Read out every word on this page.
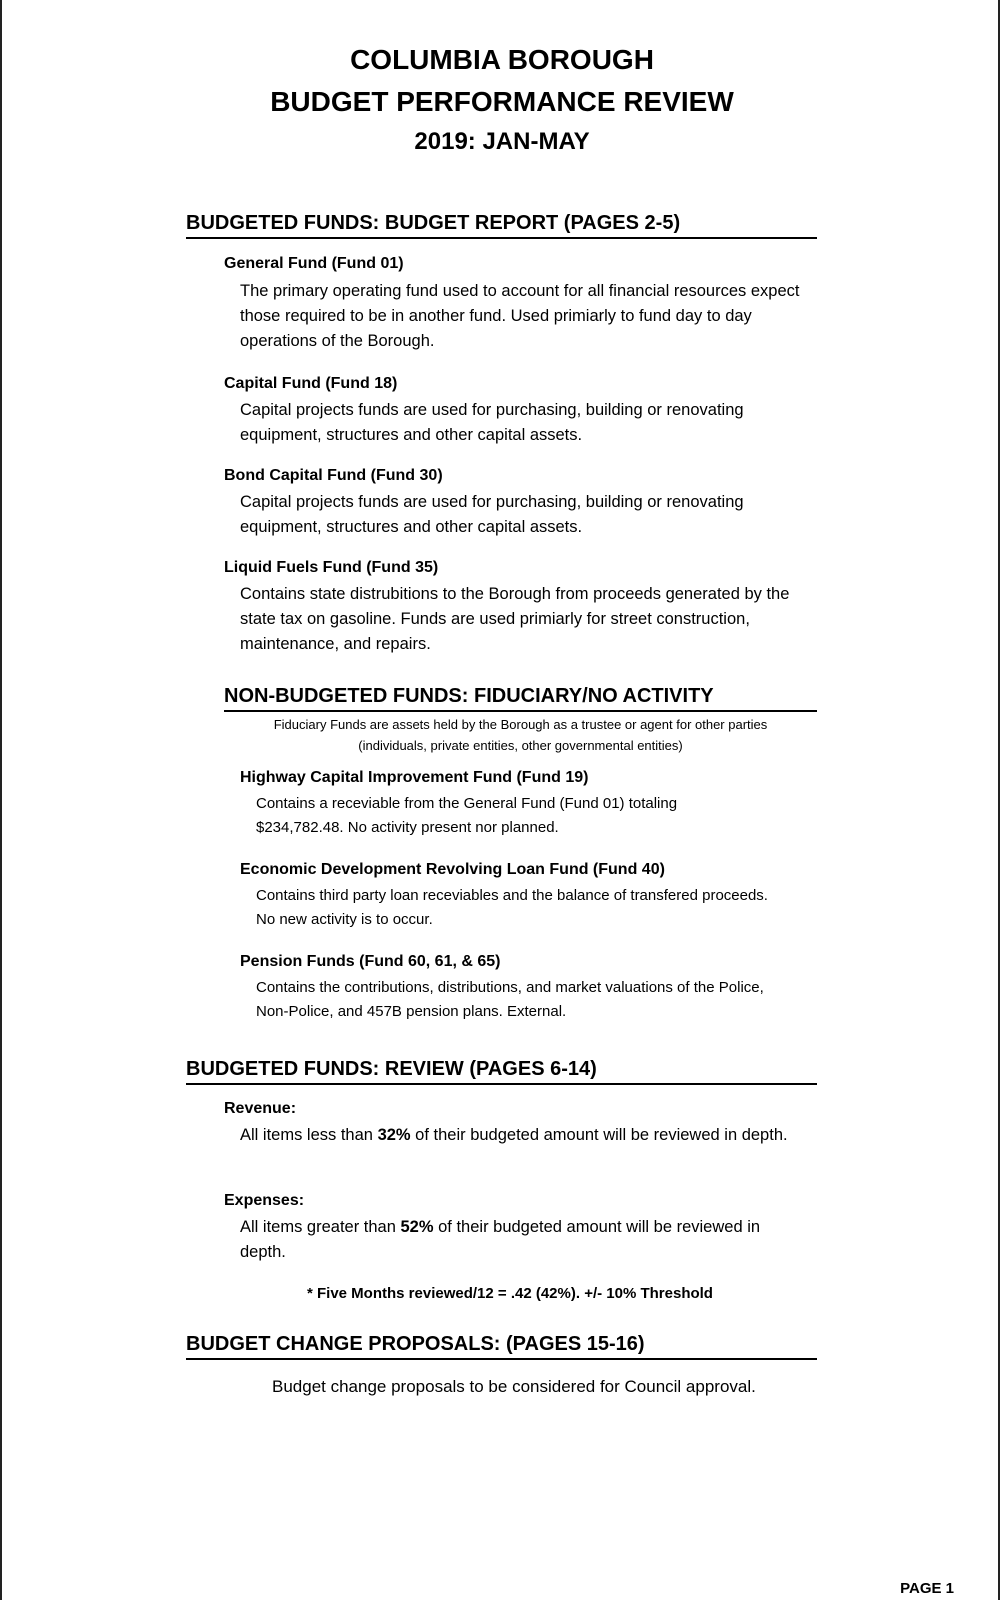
COLUMBIA BOROUGH
BUDGET PERFORMANCE REVIEW
2019: JAN-MAY
BUDGETED FUNDS: BUDGET REPORT (PAGES 2-5)
General Fund (Fund 01)
The primary operating fund used to account for all financial resources expect those required to be in another fund. Used primiarly to fund day to day operations of the Borough.
Capital Fund (Fund 18)
Capital projects funds are used for purchasing, building or renovating equipment, structures and other capital assets.
Bond Capital Fund (Fund 30)
Capital projects funds are used for purchasing, building or renovating equipment, structures and other capital assets.
Liquid Fuels Fund (Fund 35)
Contains state distrubitions to the Borough from proceeds generated by the state tax on gasoline. Funds are used primiarly for street construction, maintenance, and repairs.
NON-BUDGETED FUNDS: FIDUCIARY/NO ACTIVITY
Fiduciary Funds are assets held by the Borough as a trustee or agent for other parties
(individuals, private entities, other governmental entities)
Highway Capital Improvement Fund (Fund 19)
Contains a receviable from the General Fund (Fund 01) totaling $234,782.48. No activity present nor planned.
Economic Development Revolving Loan Fund (Fund 40)
Contains third party loan receviables and the balance of transfered proceeds. No new activity is to occur.
Pension Funds (Fund 60, 61, & 65)
Contains the contributions, distributions, and market valuations of the Police, Non-Police, and 457B pension plans. External.
BUDGETED FUNDS: REVIEW (PAGES 6-14)
Revenue:
All items less than 32% of their budgeted amount will be reviewed in depth.
Expenses:
All items greater than 52% of their budgeted amount will be reviewed in depth.
* Five Months reviewed/12 = .42 (42%). +/- 10% Threshold
BUDGET CHANGE PROPOSALS: (PAGES 15-16)
Budget change proposals to be considered for Council approval.
PAGE 1
